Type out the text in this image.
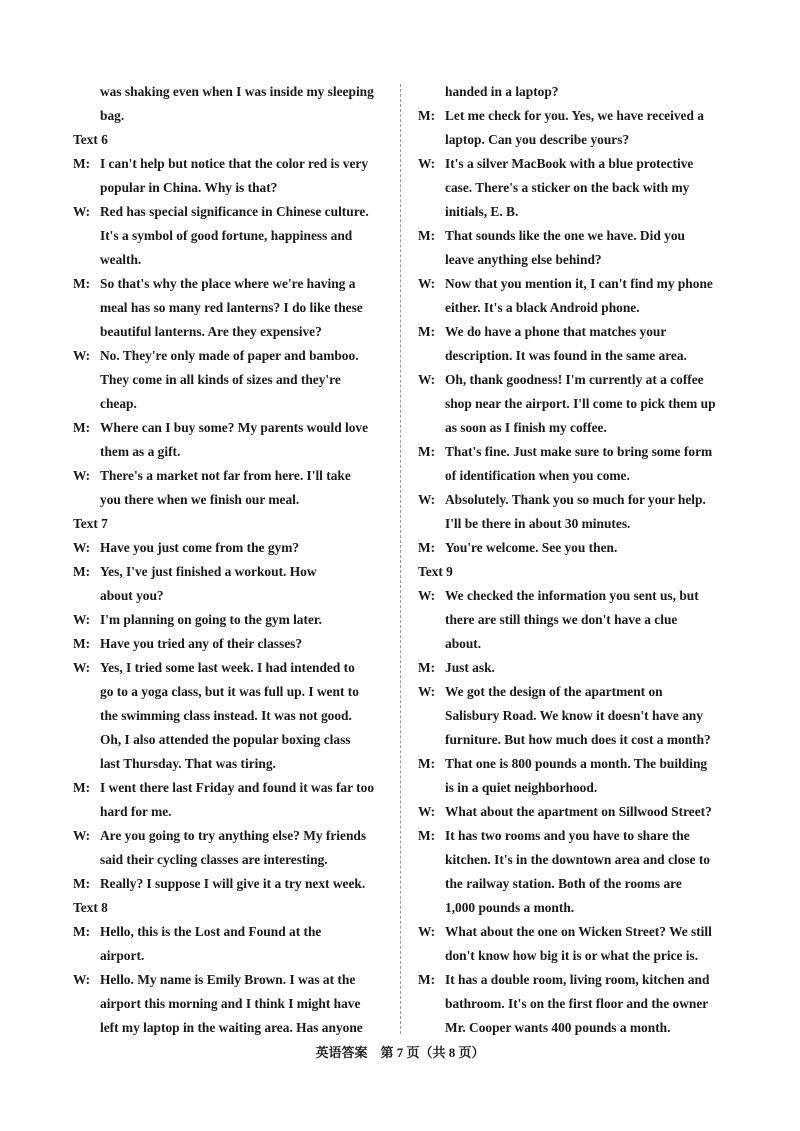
was shaking even when I was inside my sleeping
bag.
Text 6
M: I can't help but notice that the color red is very
popular in China. Why is that?
W: Red has special significance in Chinese culture.
It's a symbol of good fortune, happiness and
wealth.
M: So that's why the place where we're having a
meal has so many red lanterns? I do like these
beautiful lanterns. Are they expensive?
W: No. They're only made of paper and bamboo.
They come in all kinds of sizes and they're
cheap.
M: Where can I buy some? My parents would love
them as a gift.
W: There's a market not far from here. I'll take
you there when we finish our meal.
Text 7
W: Have you just come from the gym?
M: Yes, I've just finished a workout. How
about you?
W: I'm planning on going to the gym later.
M: Have you tried any of their classes?
W: Yes, I tried some last week. I had intended to
go to a yoga class, but it was full up. I went to
the swimming class instead. It was not good.
Oh, I also attended the popular boxing class
last Thursday. That was tiring.
M: I went there last Friday and found it was far too
hard for me.
W: Are you going to try anything else? My friends
said their cycling classes are interesting.
M: Really? I suppose I will give it a try next week.
Text 8
M: Hello, this is the Lost and Found at the
airport.
W: Hello. My name is Emily Brown. I was at the
airport this morning and I think I might have
left my laptop in the waiting area. Has anyone
handed in a laptop?
M: Let me check for you. Yes, we have received a
laptop. Can you describe yours?
W: It's a silver MacBook with a blue protective
case. There's a sticker on the back with my
initials, E. B.
M: That sounds like the one we have. Did you
leave anything else behind?
W: Now that you mention it, I can't find my phone
either. It's a black Android phone.
M: We do have a phone that matches your
description. It was found in the same area.
W: Oh, thank goodness! I'm currently at a coffee
shop near the airport. I'll come to pick them up
as soon as I finish my coffee.
M: That's fine. Just make sure to bring some form
of identification when you come.
W: Absolutely. Thank you so much for your help.
I'll be there in about 30 minutes.
M: You're welcome. See you then.
Text 9
W: We checked the information you sent us, but
there are still things we don't have a clue
about.
M: Just ask.
W: We got the design of the apartment on
Salisbury Road. We know it doesn't have any
furniture. But how much does it cost a month?
M: That one is 800 pounds a month. The building
is in a quiet neighborhood.
W: What about the apartment on Sillwood Street?
M: It has two rooms and you have to share the
kitchen. It's in the downtown area and close to
the railway station. Both of the rooms are
1,000 pounds a month.
W: What about the one on Wicken Street? We still
don't know how big it is or what the price is.
M: It has a double room, living room, kitchen and
bathroom. It's on the first floor and the owner
Mr. Cooper wants 400 pounds a month.
英语答案　第 7 页（共 8 页）
